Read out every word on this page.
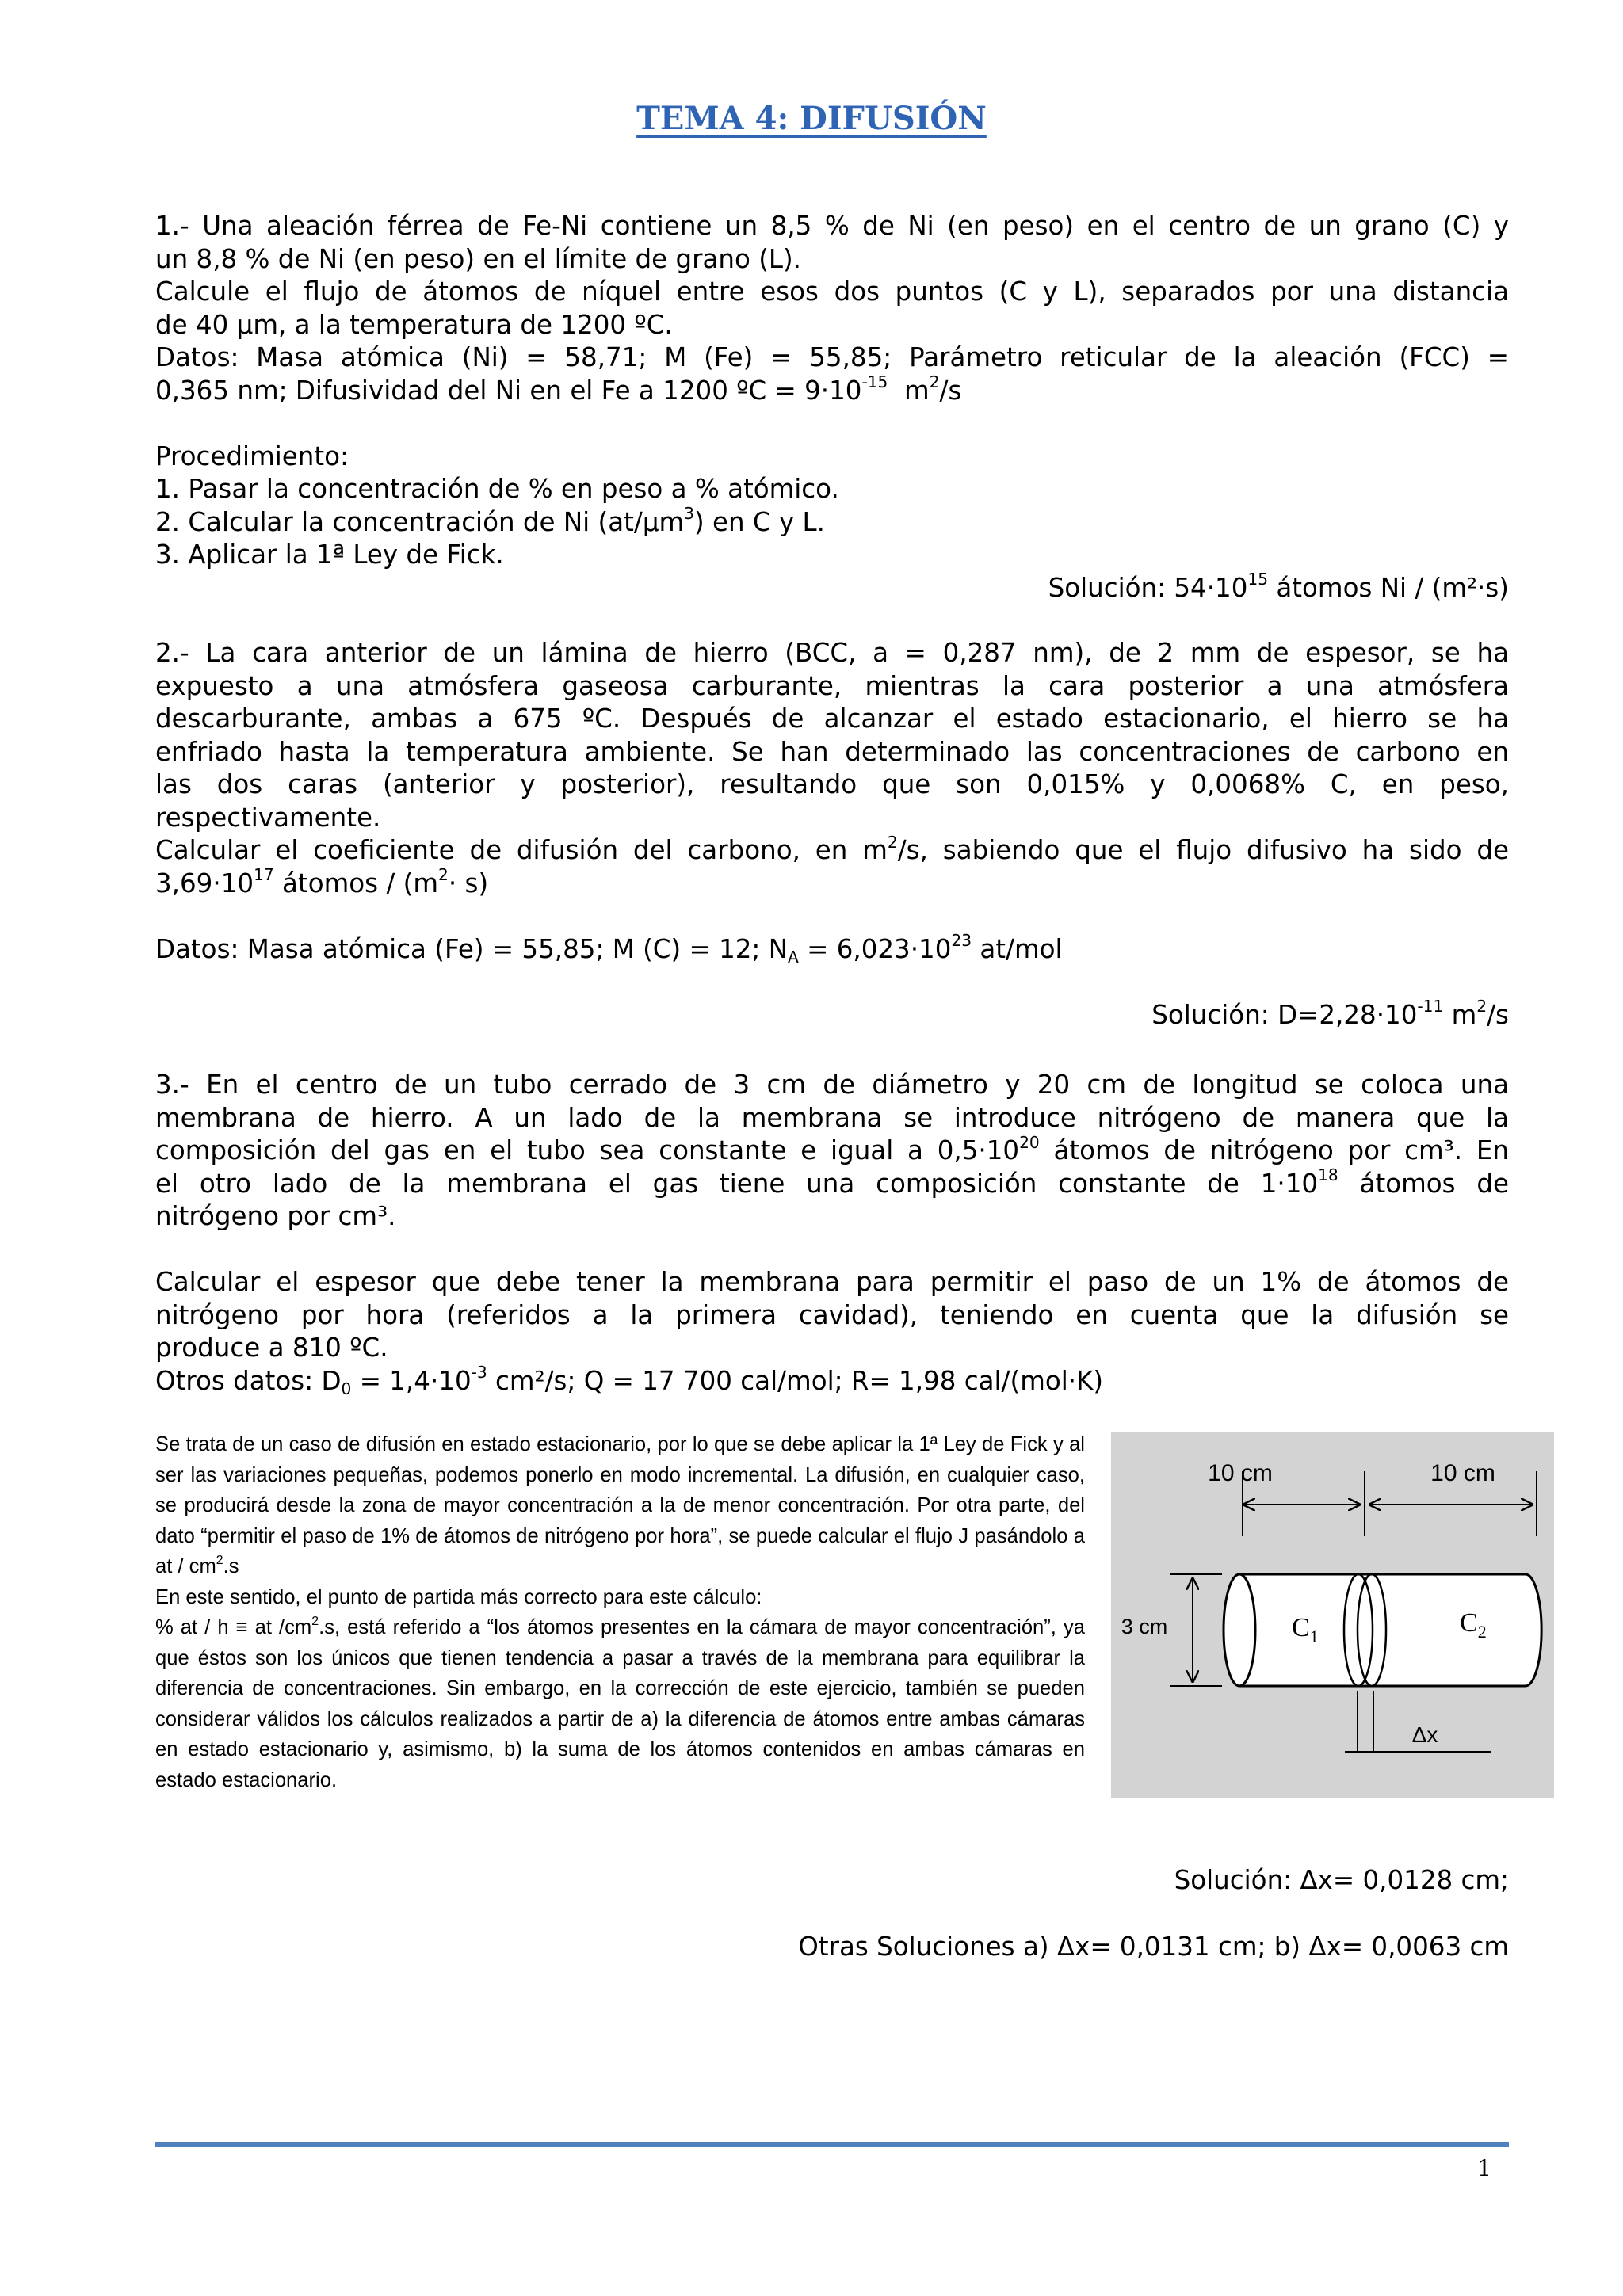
TEMA 4: DIFUSIÓN

1.- Una aleación férrea de Fe-Ni contiene un 8,5 % de Ni (en peso) en el centro de un grano (C) y

un 8,8 % de Ni (en peso) en el límite de grano (L).

Calcule el flujo de átomos de níquel entre esos dos puntos (C y L), separados por una distancia

de 40 µm, a la temperatura de 1200 ºC.

Datos: Masa atómica (Ni) = 58,71; M (Fe) = 55,85; Parámetro reticular de la aleación (FCC) =

0,365 nm; Difusividad del Ni en el Fe a 1200 ºC = $9\cdot 10^{-15}$  $m^2/s$

Procedimiento:

1. Pasar la concentración de % en peso a % atómico.

2. Calcular la concentración de Ni (at/µm$^3$) en C y L.

3. Aplicar la 1ª Ley de Fick.

Solución: $54\cdot 10^{15}$ átomos Ni / (m²·s)

2.- La cara anterior de un lámina de hierro (BCC, a = 0,287 nm), de 2 mm de espesor, se ha

expuesto a una atmósfera gaseosa carburante, mientras la cara posterior a una atmósfera

descarburante, ambas a 675 ºC. Después de alcanzar el estado estacionario, el hierro se ha

enfriado hasta la temperatura ambiente. Se han determinado las concentraciones de carbono en

las dos caras (anterior y posterior), resultando que son 0,015% y 0,0068% C, en peso,

respectivamente.

Calcular el coeficiente de difusión del carbono, en $m^2/s$, sabiendo que el flujo difusivo ha sido de

$3,69\cdot 10^{17}$ átomos / $(m^2\cdot s)$

Datos: Masa atómica (Fe) = 55,85; M (C) = 12; $N_A = 6,023\cdot 10^{23}$ at/mol

Solución: $D=2,28\cdot 10^{-11}$ $m^2/s$

3.- En el centro de un tubo cerrado de 3 cm de diámetro y 20 cm de longitud se coloca una

membrana de hierro. A un lado de la membrana se introduce nitrógeno de manera que la

composición del gas en el tubo sea constante e igual a $0,5\cdot 10^{20}$ átomos de nitrógeno por cm³. En

el otro lado de la membrana el gas tiene una composición constante de $1\cdot 10^{18}$ átomos de

nitrógeno por cm³.

Calcular el espesor que debe tener la membrana para permitir el paso de un 1% de átomos de

nitrógeno por hora (referidos a la primera cavidad), teniendo en cuenta que la difusión se

produce a 810 ºC.

Otros datos: $D_0 = 1,4\cdot 10^{-3}$ cm²/s; Q = 17 700 cal/mol; R= 1,98 cal/(mol·K)

Se trata de un caso de difusión en estado estacionario, por lo que se debe aplicar la 1ª Ley de Fick y al ser las variaciones pequeñas, podemos ponerlo en modo incremental. La difusión, en cualquier caso, se producirá desde la zona de mayor concentración a la de menor concentración. Por otra parte, del dato “permitir el paso de 1% de átomos de nitrógeno por hora”, se puede calcular el flujo J pasándolo a at / $cm^2.s$

En este sentido, el punto de partida más correcto para este cálculo:

% at / h ≡ at $/cm^2.s$, está referido a “los átomos presentes en la cámara de mayor concentración”, ya que éstos son los únicos que tienen tendencia a pasar a través de la membrana para equilibrar la diferencia de concentraciones. Sin embargo, en la corrección de este ejercicio, también se pueden considerar válidos los cálculos realizados a partir de a) la diferencia de átomos entre ambas cámaras en estado estacionario y, asimismo, b) la suma de los átomos contenidos en ambas cámaras en estado estacionario.

10 cm	10 cm
3 cm	$C_1$	$C_2$
Δx

Solución: Δx= 0,0128 cm;

Otras Soluciones a) Δx= 0,0131 cm; b) Δx= 0,0063 cm

1
